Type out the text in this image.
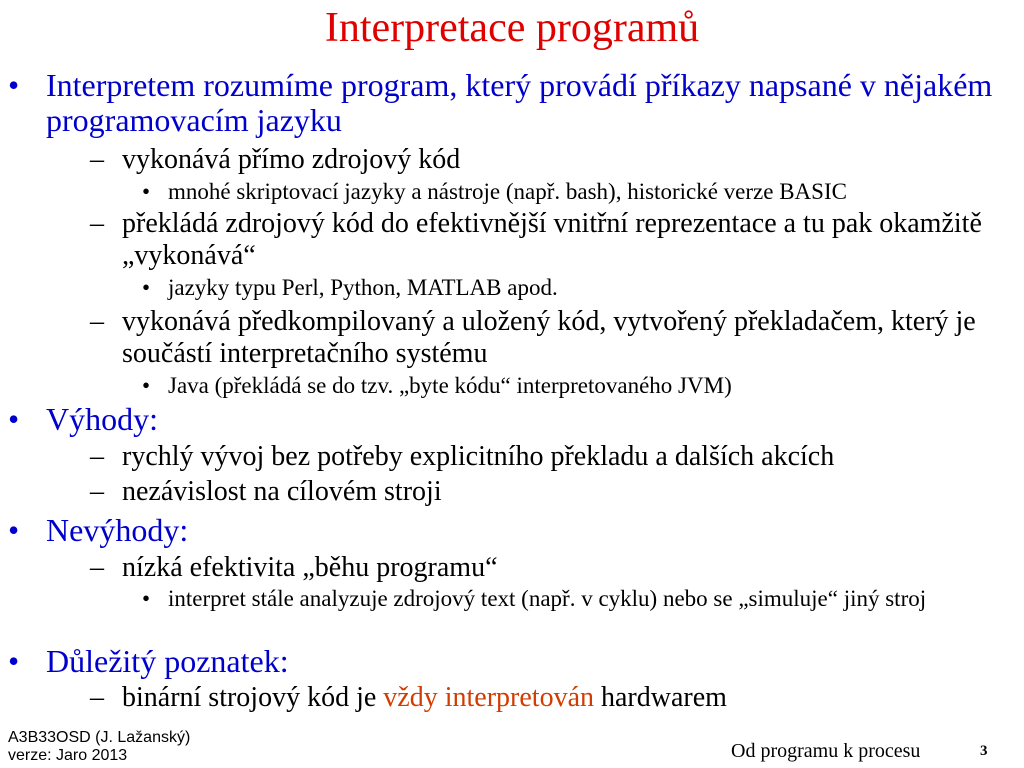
Interpretace programů
• Interpretem rozumíme program, který provádí příkazy napsané v nějakém programovacím jazyku
– vykonává přímo zdrojový kód
• mnohé skriptovací jazyky a nástroje (např. bash), historické verze BASIC
– překládá zdrojový kód do efektivnější vnitřní reprezentace a tu pak okamžitě „vykonává“
• jazyky typu Perl, Python, MATLAB apod.
– vykonává předkompilovaný a uložený kód, vytvořený překladačem, který je součástí interpretačního systému
• Java (překládá se do tzv. „byte kódu“ interpretovaného JVM)
• Výhody:
– rychlý vývoj bez potřeby explicitního překladu a dalších akcích
– nezávislost na cílovém stroji
• Nevýhody:
– nízká efektivita „běhu programu“
• interpret stále analyzuje zdrojový text (např. v cyklu) nebo se „simuluje“ jiný stroj
• Důležitý poznatek:
– binární strojový kód je vždy interpretován hardwarem
A3B33OSD (J. Lažanský)
verze: Jaro 2013	Od programu k procesu	3
